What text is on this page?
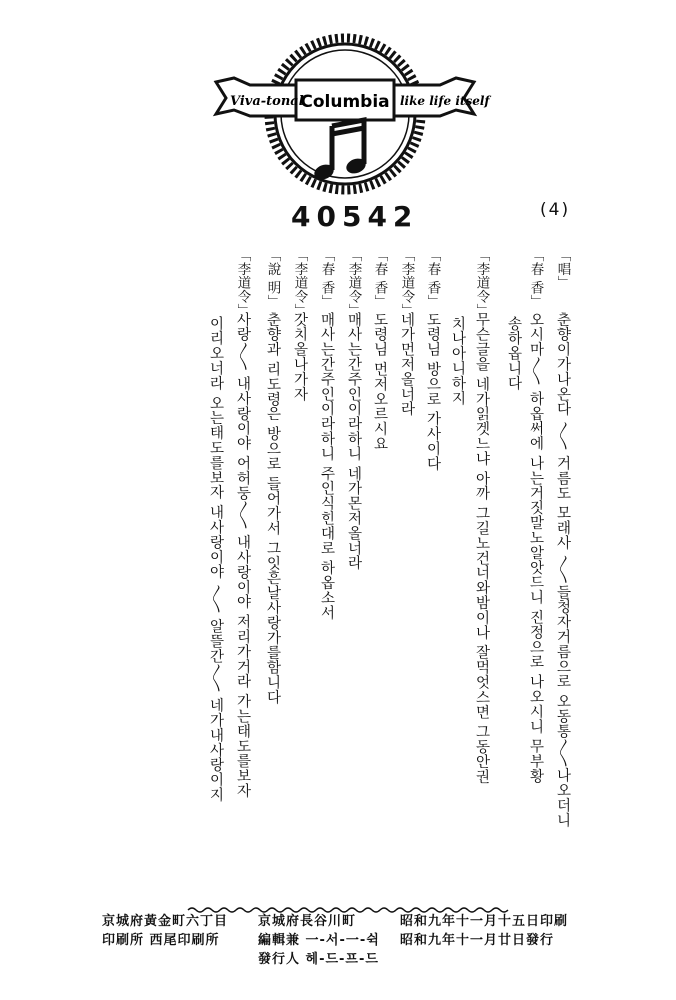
Viva-tonal
Columbia like life itself
40542	(4)
「唱」춘향이가나온다 〳〵 거름도 모래사 〱들청자거름으로 오동통〱나오더니
「春 香」오시마〳〵 하옵써에 나는거짓말노알앗드니 진정으로 나오시니 무부황
송하옵니다
「李道令」무슨글을 네가읽겟느냐 아까 그길노건너와밤이나 잘먹엇스면 그동안권
치나아니하지
「春 香」도령님 방으로 가사이다
「李道令」네가먼저올너라
「春 香」도령님 먼저오르시요
「李道令」매사는간주인이라하니 네가몬저올너라
「春 香」매사는간주인이라하니 주인식힌대로 하옵소서
「李道令」갓치올나가자
「說 明」춘향과 리도령은 방으로 들어가서 그잇흔날사랑가를함니다
「李道令」사랑〳〵 내사랑이야 어허둥〱 내사랑이야 저리가거라 가는태도를보자
이리오너라 오는태도를보자 내사랑이야 〳〵 알뜰간〱 네가내사랑이지
昭和九年十一月十五日印刷
昭和九年十一月廿日發行
京城府長谷川町
編輯兼 一-서-一-쉭
發行人 헤-드-프-드
京城府黃金町六丁目
印刷所 西尾印刷所
